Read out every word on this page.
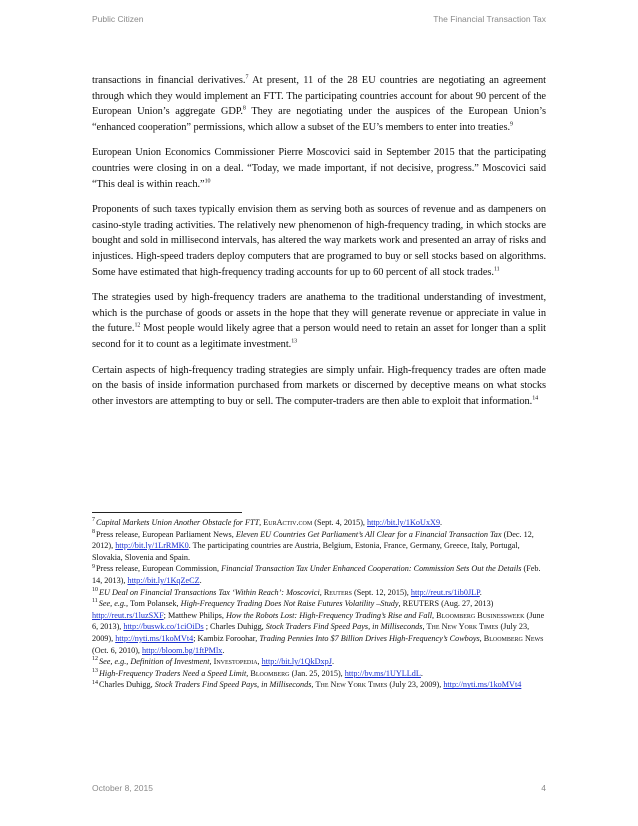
Public Citizen	The Financial Transaction Tax

transactions in financial derivatives.$^7$ At present, 11 of the 28 EU countries are negotiating an agreement through which they would implement an FTT. The participating countries account for about 90 percent of the European Union’s aggregate GDP.$^8$ They are negotiating under the auspices of the European Union’s “enhanced cooperation” permissions, which allow a subset of the EU’s members to enter into treaties.$^9$

European Union Economics Commissioner Pierre Moscovici said in September 2015 that the participating countries were closing in on a deal. “Today, we made important, if not decisive, progress.” Moscovici said “This deal is within reach.”$^{10}$

Proponents of such taxes typically envision them as serving both as sources of revenue and as dampeners on casino-style trading activities. The relatively new phenomenon of high-frequency trading, in which stocks are bought and sold in millisecond intervals, has altered the way markets work and presented an array of risks and injustices. High-speed traders deploy computers that are programed to buy or sell stocks based on algorithms. Some have estimated that high-frequency trading accounts for up to 60 percent of all stock trades.$^{11}$

The strategies used by high-frequency traders are anathema to the traditional understanding of investment, which is the purchase of goods or assets in the hope that they will generate revenue or appreciate in value in the future.$^{12}$ Most people would likely agree that a person would need to retain an asset for longer than a split second for it to count as a legitimate investment.$^{13}$

Certain aspects of high-frequency trading strategies are simply unfair. High-frequency trades are often made on the basis of inside information purchased from markets or discerned by deceptive means on what stocks other investors are attempting to buy or sell. The computer-traders are then able to exploit that information.$^{14}$

$^7$Capital Markets Union Another Obstacle for FTT, EurActiv.com (Sept. 4, 2015), http://bit.ly/1KoUxX9.
$^8$Press release, European Parliament News, Eleven EU Countries Get Parliament’s All Clear for a Financial Transaction Tax (Dec. 12, 2012), http://bit.ly/1LrRMK0. The participating countries are Austria, Belgium, Estonia, France, Germany, Greece, Italy, Portugal, Slovakia, Slovenia and Spain.
$^9$Press release, European Commission, Financial Transaction Tax Under Enhanced Cooperation: Commission Sets Out the Details (Feb. 14, 2013), http://bit.ly/1KqZeCZ.
$^{10}$EU Deal on Financial Transactions Tax ‘Within Reach’: Moscovici, Reuters (Sept. 12, 2015), http://reut.rs/1ib0JLP.
$^{11}$See, e.g., Tom Polansek, High-Frequency Trading Does Not Raise Futures Volatility –Study, REUTERS (Aug. 27, 2013) http://reut.rs/1luzSXF; Matthew Philips, How the Robots Lost: High-Frequency Trading’s Rise and Fall, Bloomberg Businessweek (June 6, 2013), http://buswk.co/1ciOiDs ; Charles Duhigg, Stock Traders Find Speed Pays, in Milliseconds, The New York Times (July 23, 2009), http://nyti.ms/1koMVt4; Kambiz Foroohar, Trading Pennies Into $7 Billion Drives High-Frequency’s Cowboys, Bloomberg News (Oct. 6, 2010), http://bloom.bg/1ftPMlx.
$^{12}$See, e.g., Definition of Investment, Investopedia, http://bit.ly/1QkDxpJ.
$^{13}$High-Frequency Traders Need a Speed Limit, Bloomberg (Jan. 25, 2015), http://bv.ms/1UYLLdL.
$^{14}$Charles Duhigg, Stock Traders Find Speed Pays, in Milliseconds, The New York Times (July 23, 2009), http://nyti.ms/1koMVt4
October 8, 2015	4
